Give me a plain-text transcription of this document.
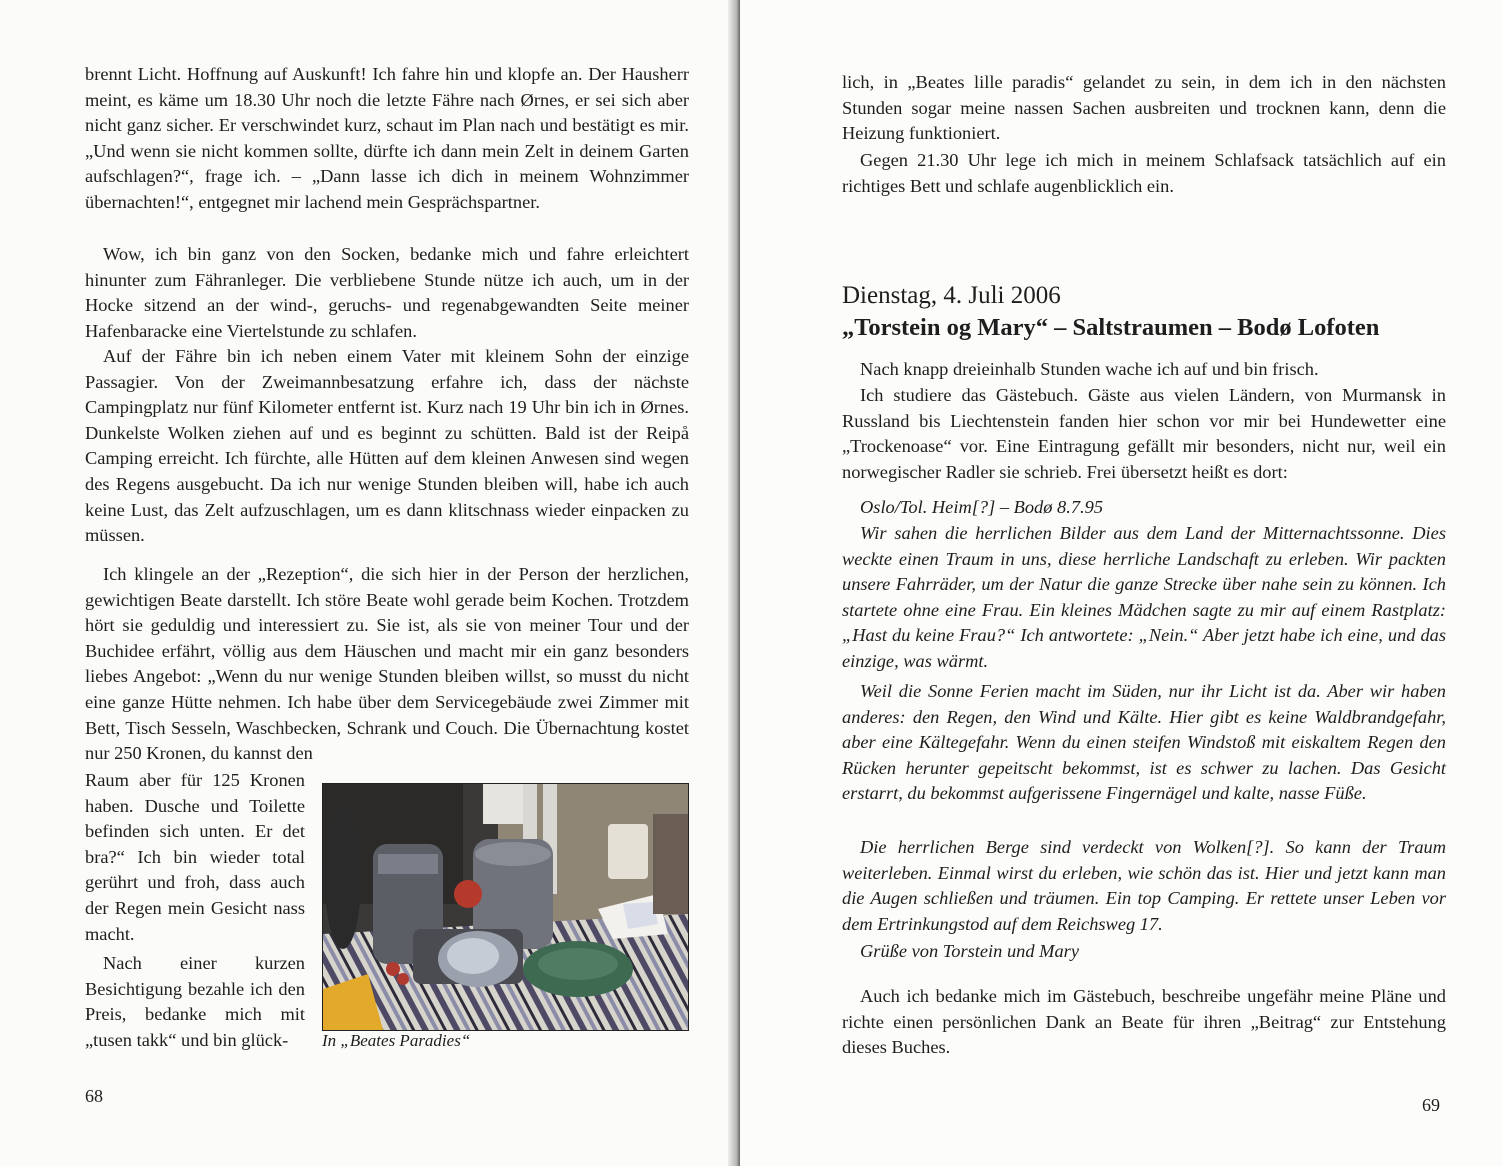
brennt Licht. Hoffnung auf Auskunft! Ich fahre hin und klopfe an. Der Hausherr meint, es käme um 18.30 Uhr noch die letzte Fähre nach Ørnes, er sei sich aber nicht ganz sicher. Er verschwindet kurz, schaut im Plan nach und bestätigt es mir. „Und wenn sie nicht kommen sollte, dürfte ich dann mein Zelt in deinem Garten aufschlagen?“, frage ich. – „Dann lasse ich dich in meinem Wohnzimmer übernachten!“, entgegnet mir lachend mein Gesprächspartner.

Wow, ich bin ganz von den Socken, bedanke mich und fahre erleichtert hinunter zum Fähranleger. Die verbliebene Stunde nütze ich auch, um in der Hocke sitzend an der wind-, geruchs- und regenabgewandten Seite meiner Hafenbaracke eine Viertelstunde zu schlafen.

Auf der Fähre bin ich neben einem Vater mit kleinem Sohn der einzige Passagier. Von der Zweimannbesatzung erfahre ich, dass der nächste Campingplatz nur fünf Kilometer entfernt ist. Kurz nach 19 Uhr bin ich in Ørnes. Dunkelste Wolken ziehen auf und es beginnt zu schütten. Bald ist der Reipå Camping erreicht. Ich fürchte, alle Hütten auf dem kleinen Anwesen sind wegen des Regens ausgebucht. Da ich nur wenige Stunden bleiben will, habe ich auch keine Lust, das Zelt aufzuschlagen, um es dann klitschnass wieder einpacken zu müssen.

Ich klingele an der „Rezeption“, die sich hier in der Person der herzlichen, gewichtigen Beate darstellt. Ich störe Beate wohl gerade beim Kochen. Trotzdem hört sie geduldig und interessiert zu. Sie ist, als sie von meiner Tour und der Buchidee erfährt, völlig aus dem Häuschen und macht mir ein ganz besonders liebes Angebot: „Wenn du nur wenige Stunden bleiben willst, so musst du nicht eine ganze Hütte nehmen. Ich habe über dem Servicegebäude zwei Zimmer mit Bett, Tisch Sesseln, Waschbecken, Schrank und Couch. Die Übernachtung kostet nur 250 Kronen, du kannst den

Raum aber für 125 Kronen haben. Dusche und Toilette befinden sich unten. Er det bra?“ Ich bin wieder total gerührt und froh, dass auch der Regen mein Gesicht nass macht.

Nach einer kurzen Besichtigung bezahle ich den Preis, bedanke mich mit „tusen takk“ und bin glück-	In „Beates Paradies“

68

lich, in „Beates lille paradis“ gelandet zu sein, in dem ich in den nächsten Stunden sogar meine nassen Sachen ausbreiten und trocknen kann, denn die Heizung funktioniert.

Gegen 21.30 Uhr lege ich mich in meinem Schlafsack tatsächlich auf ein richtiges Bett und schlafe augenblicklich ein.

Dienstag, 4. Juli 2006
„Torstein og Mary“ – Saltstraumen – Bodø Lofoten

Nach knapp dreieinhalb Stunden wache ich auf und bin frisch.

Ich studiere das Gästebuch. Gäste aus vielen Ländern, von Murmansk in Russland bis Liechtenstein fanden hier schon vor mir bei Hundewetter eine „Trockenoase“ vor. Eine Eintragung gefällt mir besonders, nicht nur, weil ein norwegischer Radler sie schrieb. Frei übersetzt heißt es dort:

Oslo/Tol. Heim[?] – Bodø 8.7.95

Wir sahen die herrlichen Bilder aus dem Land der Mitternachtssonne. Dies weckte einen Traum in uns, diese herrliche Landschaft zu erleben. Wir packten unsere Fahrräder, um der Natur die ganze Strecke über nahe sein zu können. Ich startete ohne eine Frau. Ein kleines Mädchen sagte zu mir auf einem Rastplatz: „Hast du keine Frau?“ Ich antwortete: „Nein.“ Aber jetzt habe ich eine, und das einzige, was wärmt.

Weil die Sonne Ferien macht im Süden, nur ihr Licht ist da. Aber wir haben anderes: den Regen, den Wind und Kälte. Hier gibt es keine Waldbrandgefahr, aber eine Kältegefahr. Wenn du einen steifen Windstoß mit eiskaltem Regen den Rücken herunter gepeitscht bekommst, ist es schwer zu lachen. Das Gesicht erstarrt, du bekommst aufgerissene Fingernägel und kalte, nasse Füße.

Die herrlichen Berge sind verdeckt von Wolken[?]. So kann der Traum weiterleben. Einmal wirst du erleben, wie schön das ist. Hier und jetzt kann man die Augen schließen und träumen. Ein top Camping. Er rettete unser Leben vor dem Ertrinkungstod auf dem Reichsweg 17.

Grüße von Torstein und Mary

Auch ich bedanke mich im Gästebuch, beschreibe ungefähr meine Pläne und richte einen persönlichen Dank an Beate für ihren „Beitrag“ zur Entstehung dieses Buches.

69
